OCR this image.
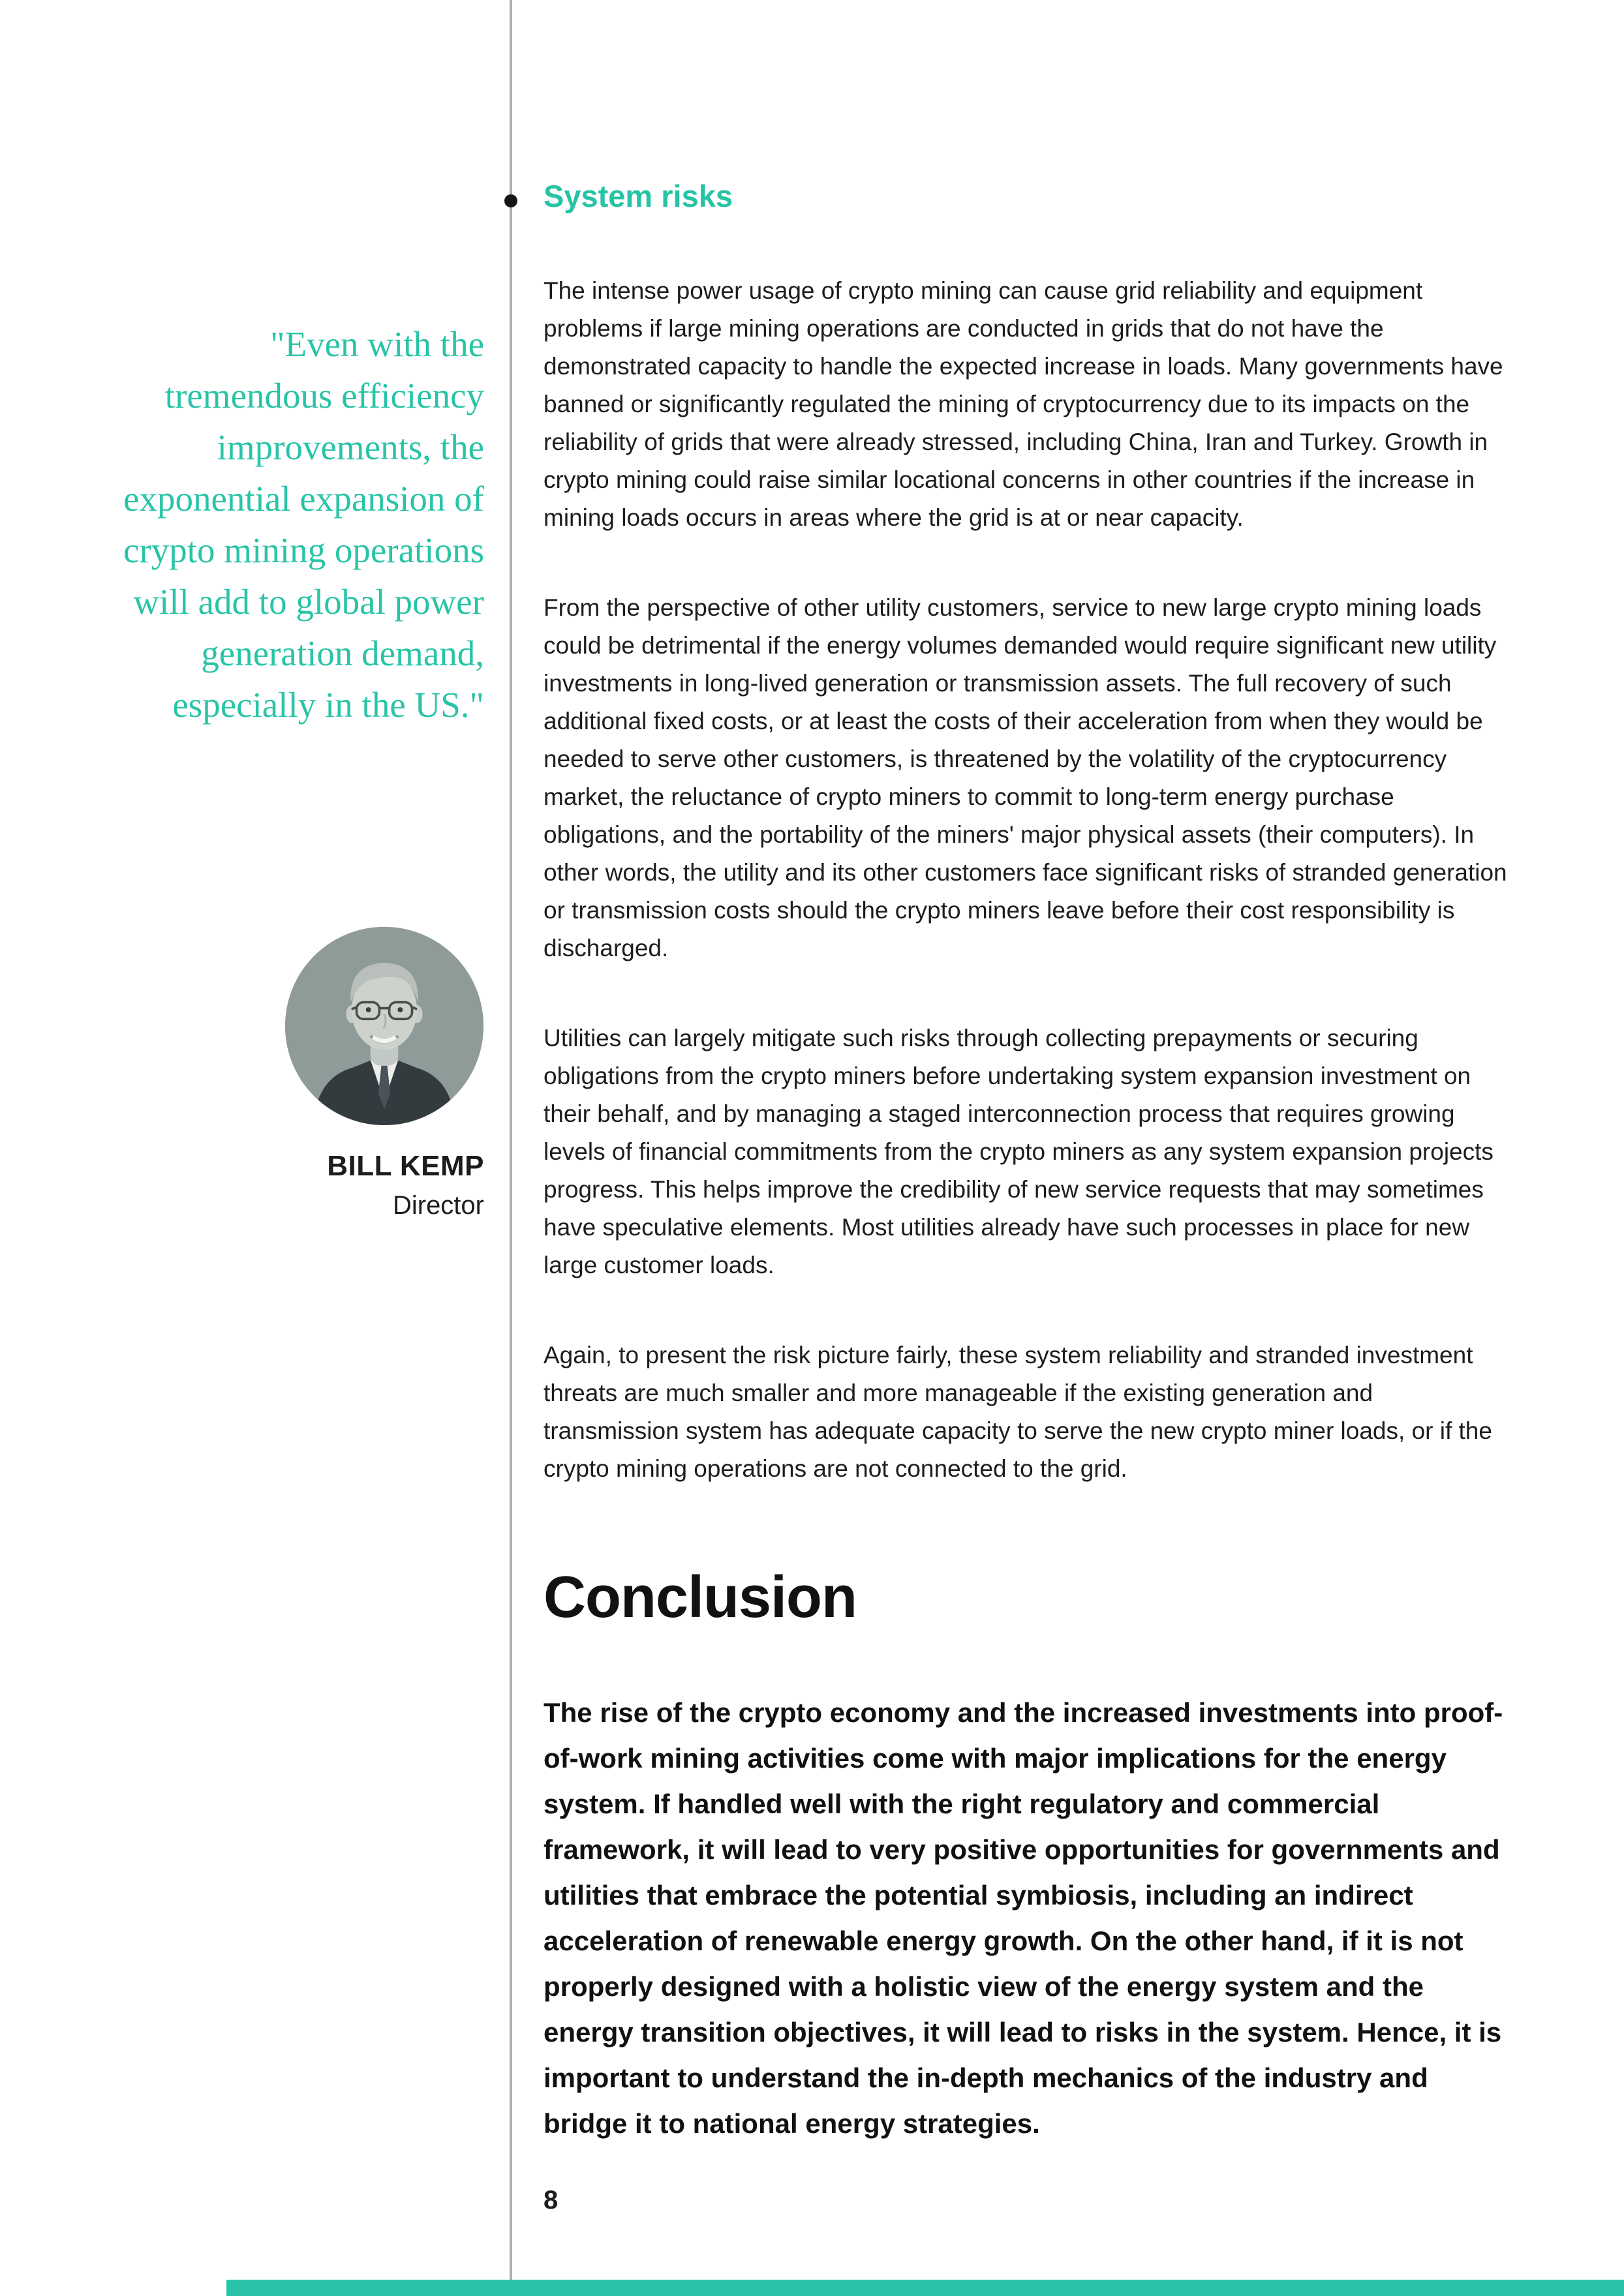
"Even with the tremendous efficiency improvements, the exponential expansion of crypto mining operations will add to global power generation demand, especially in the US."
BILL KEMP
Director
System risks

The intense power usage of crypto mining can cause grid reliability and equipment problems if large mining operations are conducted in grids that do not have the demonstrated capacity to handle the expected increase in loads. Many governments have banned or significantly regulated the mining of cryptocurrency due to its impacts on the reliability of grids that were already stressed, including China, Iran and Turkey. Growth in crypto mining could raise similar locational concerns in other countries if the increase in mining loads occurs in areas where the grid is at or near capacity.

From the perspective of other utility customers, service to new large crypto mining loads could be detrimental if the energy volumes demanded would require significant new utility investments in long-lived generation or transmission assets. The full recovery of such additional fixed costs, or at least the costs of their acceleration from when they would be needed to serve other customers, is threatened by the volatility of the cryptocurrency market, the reluctance of crypto miners to commit to long-term energy purchase obligations, and the portability of the miners' major physical assets (their computers). In other words, the utility and its other customers face significant risks of stranded generation or transmission costs should the crypto miners leave before their cost responsibility is discharged.

Utilities can largely mitigate such risks through collecting prepayments or securing obligations from the crypto miners before undertaking system expansion investment on their behalf, and by managing a staged interconnection process that requires growing levels of financial commitments from the crypto miners as any system expansion projects progress. This helps improve the credibility of new service requests that may sometimes have speculative elements. Most utilities already have such processes in place for new large customer loads.

Again, to present the risk picture fairly, these system reliability and stranded investment threats are much smaller and more manageable if the existing generation and transmission system has adequate capacity to serve the new crypto miner loads, or if the crypto mining operations are not connected to the grid.

Conclusion

The rise of the crypto economy and the increased investments into proof-of-work mining activities come with major implications for the energy system. If handled well with the right regulatory and commercial framework, it will lead to very positive opportunities for governments and utilities that embrace the potential symbiosis, including an indirect acceleration of renewable energy growth. On the other hand, if it is not properly designed with a holistic view of the energy system and the energy transition objectives, it will lead to risks in the system. Hence, it is important to understand the in-depth mechanics of the industry and bridge it to national energy strategies.

8
